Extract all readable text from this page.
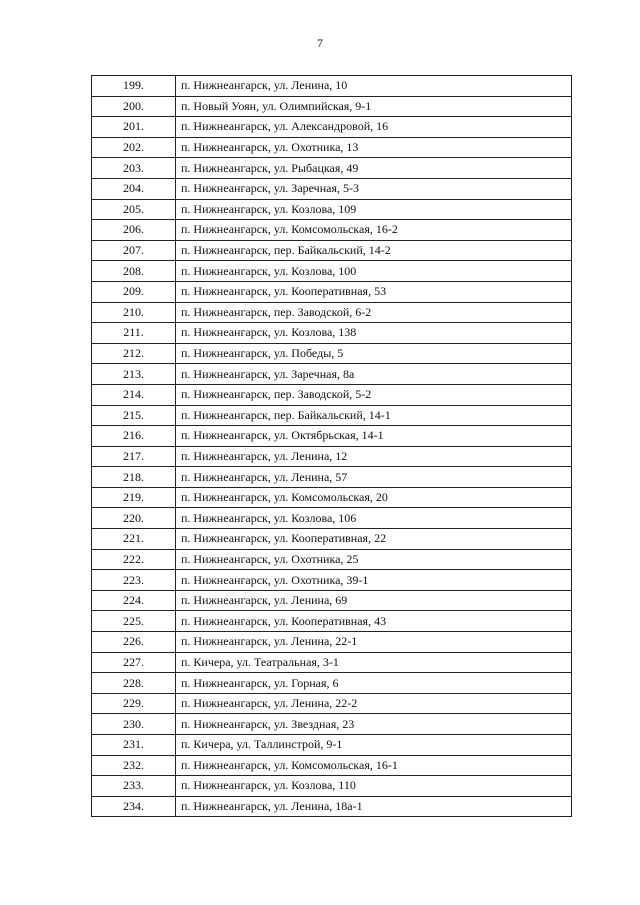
7
199.	п. Нижнеангарск, ул. Ленина, 10
200.	п. Новый Уоян, ул. Олимпийская, 9-1
201.	п. Нижнеангарск, ул. Александровой, 16
202.	п. Нижнеангарск, ул. Охотника, 13
203.	п. Нижнеангарск, ул. Рыбацкая, 49
204.	п. Нижнеангарск, ул. Заречная, 5-3
205.	п. Нижнеангарск, ул. Козлова, 109
206.	п. Нижнеангарск, ул. Комсомольская, 16-2
207.	п. Нижнеангарск, пер. Байкальский, 14-2
208.	п. Нижнеангарск, ул. Козлова, 100
209.	п. Нижнеангарск, ул. Кооперативная, 53
210.	п. Нижнеангарск, пер. Заводской, 6-2
211.	п. Нижнеангарск, ул. Козлова, 138
212.	п. Нижнеангарск, ул. Победы, 5
213.	п. Нижнеангарск, ул. Заречная, 8а
214.	п. Нижнеангарск, пер. Заводской, 5-2
215.	п. Нижнеангарск, пер. Байкальский, 14-1
216.	п. Нижнеангарск, ул. Октябрьская, 14-1
217.	п. Нижнеангарск, ул. Ленина, 12
218.	п. Нижнеангарск, ул. Ленина, 57
219.	п. Нижнеангарск, ул. Комсомольская, 20
220.	п. Нижнеангарск, ул. Козлова, 106
221.	п. Нижнеангарск, ул. Кооперативная, 22
222.	п. Нижнеангарск, ул. Охотника, 25
223.	п. Нижнеангарск, ул. Охотника, 39-1
224.	п. Нижнеангарск, ул. Ленина, 69
225.	п. Нижнеангарск, ул. Кооперативная, 43
226.	п. Нижнеангарск, ул. Ленина, 22-1
227.	п. Кичера, ул. Театральная, 3-1
228.	п. Нижнеангарск, ул. Горная, 6
229.	п. Нижнеангарск, ул. Ленина, 22-2
230.	п. Нижнеангарск, ул. Звездная, 23
231.	п. Кичера, ул. Таллинстрой, 9-1
232.	п. Нижнеангарск, ул. Комсомольская, 16-1
233.	п. Нижнеангарск, ул. Козлова, 110
234.	п. Нижнеангарск, ул. Ленина, 18а-1
